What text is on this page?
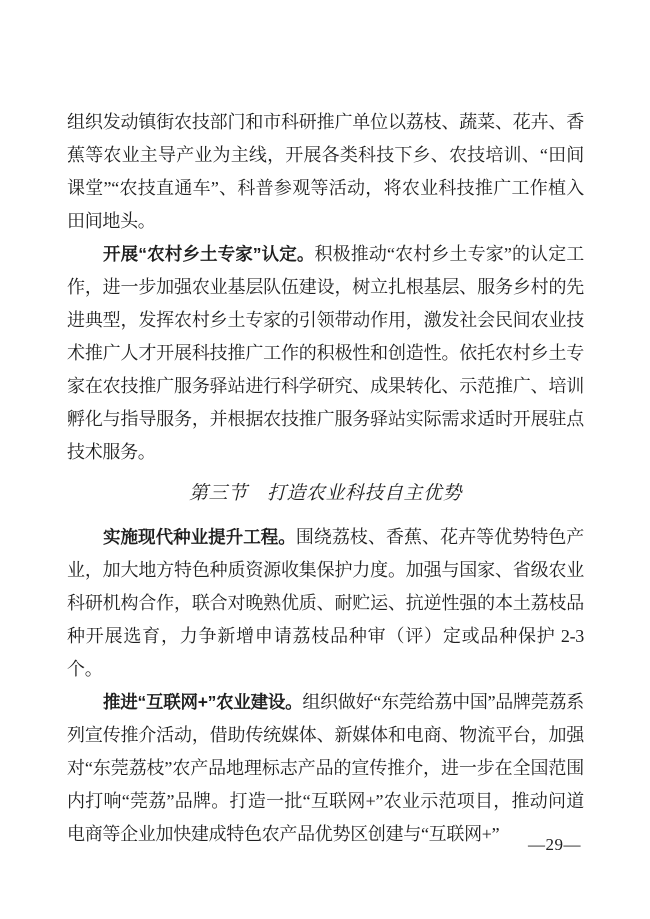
组织发动镇街农技部门和市科研推广单位以荔枝、蔬菜、花卉、香蕉等农业主导产业为主线，开展各类科技下乡、农技培训、“田间课堂”“农技直通车”、科普参观等活动，将农业科技推广工作植入田间地头。

开展“农村乡土专家”认定。积极推动“农村乡土专家”的认定工作，进一步加强农业基层队伍建设，树立扎根基层、服务乡村的先进典型，发挥农村乡土专家的引领带动作用，激发社会民间农业技术推广人才开展科技推广工作的积极性和创造性。依托农村乡土专家在农技推广服务驿站进行科学研究、成果转化、示范推广、培训孵化与指导服务，并根据农技推广服务驿站实际需求适时开展驻点技术服务。

第三节　打造农业科技自主优势

实施现代种业提升工程。围绕荔枝、香蕉、花卉等优势特色产业，加大地方特色种质资源收集保护力度。加强与国家、省级农业科研机构合作，联合对晚熟优质、耐贮运、抗逆性强的本土荔枝品种开展选育，力争新增申请荔枝品种审（评）定或品种保护 2-3 个。

推进“互联网+”农业建设。组织做好“东莞给荔中国”品牌莞荔系列宣传推介活动，借助传统媒体、新媒体和电商、物流平台，加强对“东莞荔枝”农产品地理标志产品的宣传推介，进一步在全国范围内打响“莞荔”品牌。打造一批“互联网+”农业示范项目，推动问道电商等企业加快建成特色农产品优势区创建与“互联网+”

—29—
